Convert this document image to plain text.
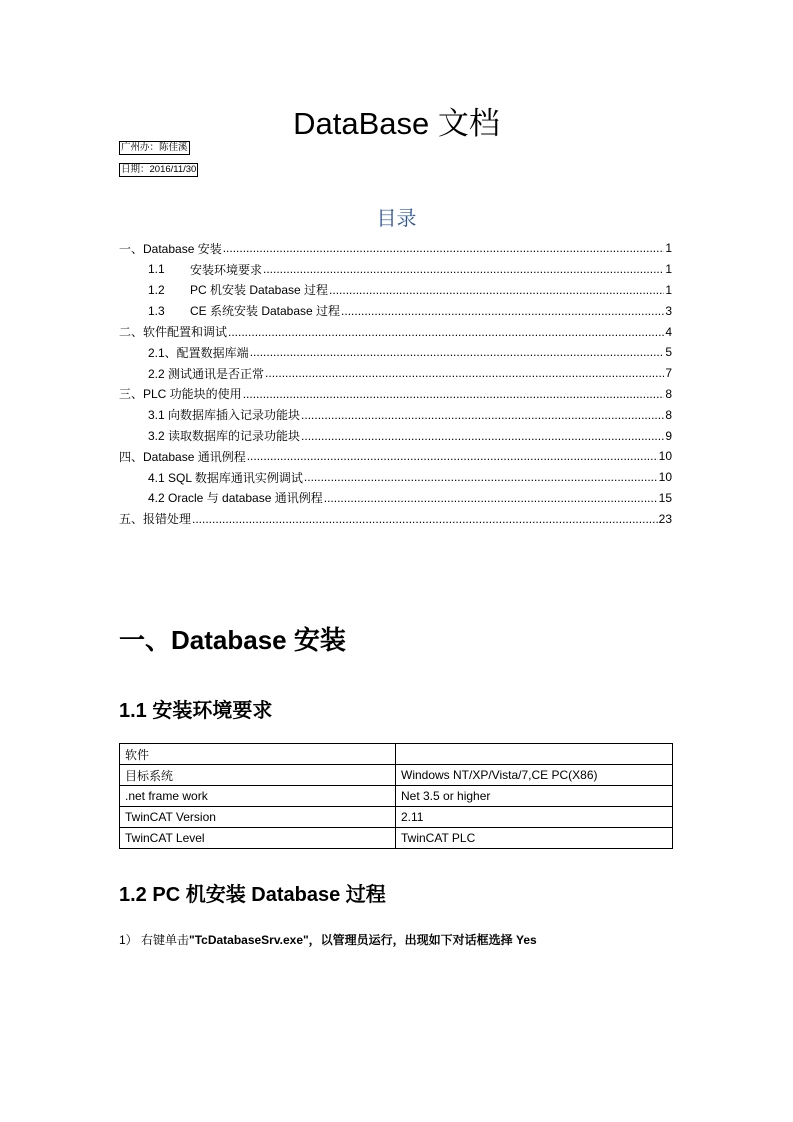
DataBase 文档
广州办：陈佳溪
日期：2016/11/30
目录
一、Database 安装 .....	1
1.1	安装环境要求 .....	1
1.2	PC 机安装 Database 过程 .....	1
1.3	CE 系统安装 Database 过程 .....	3
二、软件配置和调试 .....	4
2.1、配置数据库端 .....	5
2.2 测试通讯是否正常 .....	7
三、PLC 功能块的使用 .....	8
3.1 向数据库插入记录功能块 .....	8
3.2 读取数据库的记录功能块 .....	9
四、Database 通讯例程 .....	10
4.1 SQL 数据库通讯实例调试 .....	10
4.2 Oracle 与 database 通讯例程 .....	15
五、报错处理 .....	23
一、Database 安装
1.1 安装环境要求
软件	
目标系统	Windows NT/XP/Vista/7,CE PC(X86)
.net frame work	Net 3.5 or higher
TwinCAT Version	2.11
TwinCAT Level	TwinCAT PLC
1.2 PC 机安装 Database 过程
1） 右键单击"TcDatabaseSrv.exe"，以管理员运行，出现如下对话框选择 Yes
